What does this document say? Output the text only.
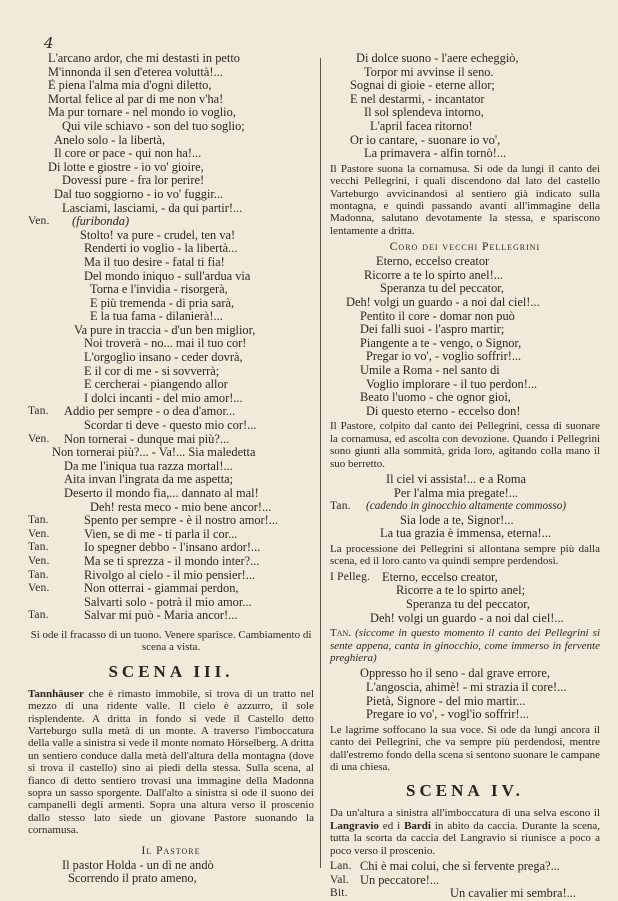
4
L'arcano ardor, che mi destasti in petto
M'innonda il sen d'eterea voluttà!...
È piena l'alma mia d'ogni diletto,
Mortal felice al par di me non v'ha!
Ma pur tornare - nel mondo io voglio,
Qui vile schiavo - son del tuo soglio;
Anelo solo - la libertà,
Il core or pace - qui non ha!...
Di lotte e giostre - io vo' gioire,
Dovessi pure - fra lor perire!
Dal tuo soggiorno - io vo' fuggir...
Lasciami, lasciami, - da qui partir!...
Ven.	(furibonda)
Stolto! va pure - crudel, ten va!
Renderti io voglio - la libertà...
Ma il tuo desire - fatal ti fia!
Del mondo iniquo - sull'ardua via
Torna e l'invidia - risorgerà,
E più tremenda - di pria sarà,
E la tua fama - dilanierà!...
Va pure in traccia - d'un ben miglior,
Noi troverà - no... mai il tuo cor!
L'orgoglio insano - ceder dovrà,
E il cor di me - si sovverrà;
E cercherai - piangendo allor
I dolci incanti - del mio amor!...
Tan.	Addio per sempre - o dea d'amor...
Scordar ti deve - questo mio cor!...
Ven.	Non tornerai - dunque mai più?...
Non tornerai più?... - Va!... Sia maledetta
Da me l'iniqua tua razza mortal!...
Aita invan l'ingrata da me aspetta;
Deserto il mondo fia,... dannato al mal!
Deh! resta meco - mio bene ancor!...
Tan.	Spento per sempre - è il nostro amor!...
Ven.	Vien, se di me - ti parla il cor...
Tan.	Io spegner debbo - l'insano ardor!...
Ven.	Ma se ti sprezza - il mondo inter?...
Tan.	Rivolgo al cielo - il mio pensier!...
Ven.	Non otterrai - giammai perdon,
Salvarti solo - potrà il mio amor...
Tan.	Salvar mi può - Maria ancor!...
Si ode il fracasso di un tuono. Venere sparisce. Cambiamento di scena a vista.
SCENA III.
Tannhäuser che è rimasto immobile, si trova di un tratto nel mezzo di una ridente valle. Il cielo è azzurro, il sole risplendente. A dritta in fondo si vede il Castello detto Varteburgo sulla metà di un monte. A traverso l'imboccatura della valle a sinistra si vede il monte nomato Hörselberg. A dritta un sentiero conduce dalla metà dell'altura della montagna (dove si trova il castello) sino ai piedi della stessa. Sulla scena, al fianco di detto sentiero trovasi una immagine della Madonna sopra un sasso sporgente. Dall'alto a sinistra si ode il suono dei campanelli degli armenti. Sopra una altura verso il proscenio dallo stesso lato siede un giovane Pastore suonando la cornamusa.
Il Pastore
Il pastor Holda - un dì ne andò
Scorrendo il prato ameno,
Di dolce suono - l'aere echeggiò,
Torpor mi avvinse il seno.
Sognai di gioie - eterne allor;
E nel destarmi, - incantator
Il sol splendeva intorno,
L'april facea ritorno!
Or io cantare, - suonare io vo',
La primavera - alfin tornò!...
Il Pastore suona la cornamusa. Si ode da lungi il canto dei vecchi Pellegrini, i quali discendono dal lato del castello Varteburgo avvicinandosi al sentiero già indicato sulla montagna, e quindi passando avanti all'immagine della Madonna, salutano devotamente la stessa, e spariscono lentamente a dritta.
Coro dei vecchi Pellegrini
Eterno, eccelso creator
Ricorre a te lo spirto anel!...
Speranza tu del peccator,
Deh! volgi un guardo - a noi dal ciel!...
Pentito il core - domar non può
Dei falli suoi - l'aspro martir;
Piangente a te - vengo, o Signor,
Pregar io vo', - voglio soffrir!...
Umile a Roma - nel santo di
Voglio implorare - il tuo perdon!...
Beato l'uomo - che ognor gioì,
Di questo eterno - eccelso don!
Il Pastore, colpito dal canto dei Pellegrini, cessa di suonare la cornamusa, ed ascolta con devozione. Quando i Pellegrini sono giunti alla sommità, grida loro, agitando colla mano il suo berretto.
Il ciel vi assista!... e a Roma
Per l'alma mia pregate!...
Tan.	(cadendo in ginocchio altamente commosso)
Sia lode a te, Signor!...
La tua grazia è immensa, eterna!...
La processione dei Pellegrini si allontana sempre più dalla scena, ed il loro canto va quindi sempre perdendosi.
I Pelleg. Eterno, eccelso creator,
Ricorre a te lo spirto anel;
Speranza tu del peccator,
Deh! volgi un guardo - a noi dal ciel!...
Tan. (siccome in questo momento il canto dei Pellegrini si sente appena, canta in ginocchio, come immerso in fervente preghiera)
Oppresso ho il seno - dal grave errore,
L'angoscia, ahimè! - mi strazia il core!...
Pietà, Signore - del mio martir...
Pregare io vo', - vogl'io soffrir!...
Le lagrime soffocano la sua voce. Si ode da lungi ancora il canto dei Pellegrini, che va sempre più perdendosi, mentre dall'estremo fondo della scena si sentono suonare le campane di una chiesa.
SCENA IV.
Da un'altura a sinistra all'imboccatura di una selva escono il Langravio ed i Bardi in abito da caccia. Durante la scena, tutta la scorta da caccia del Langravio si riunisce a poco a poco verso il proscenio.
Lan. Chi è mai colui, che sì fervente prega?...
Val. Un peccatore!...
Bit.	Un cavalier mi sembra!...
